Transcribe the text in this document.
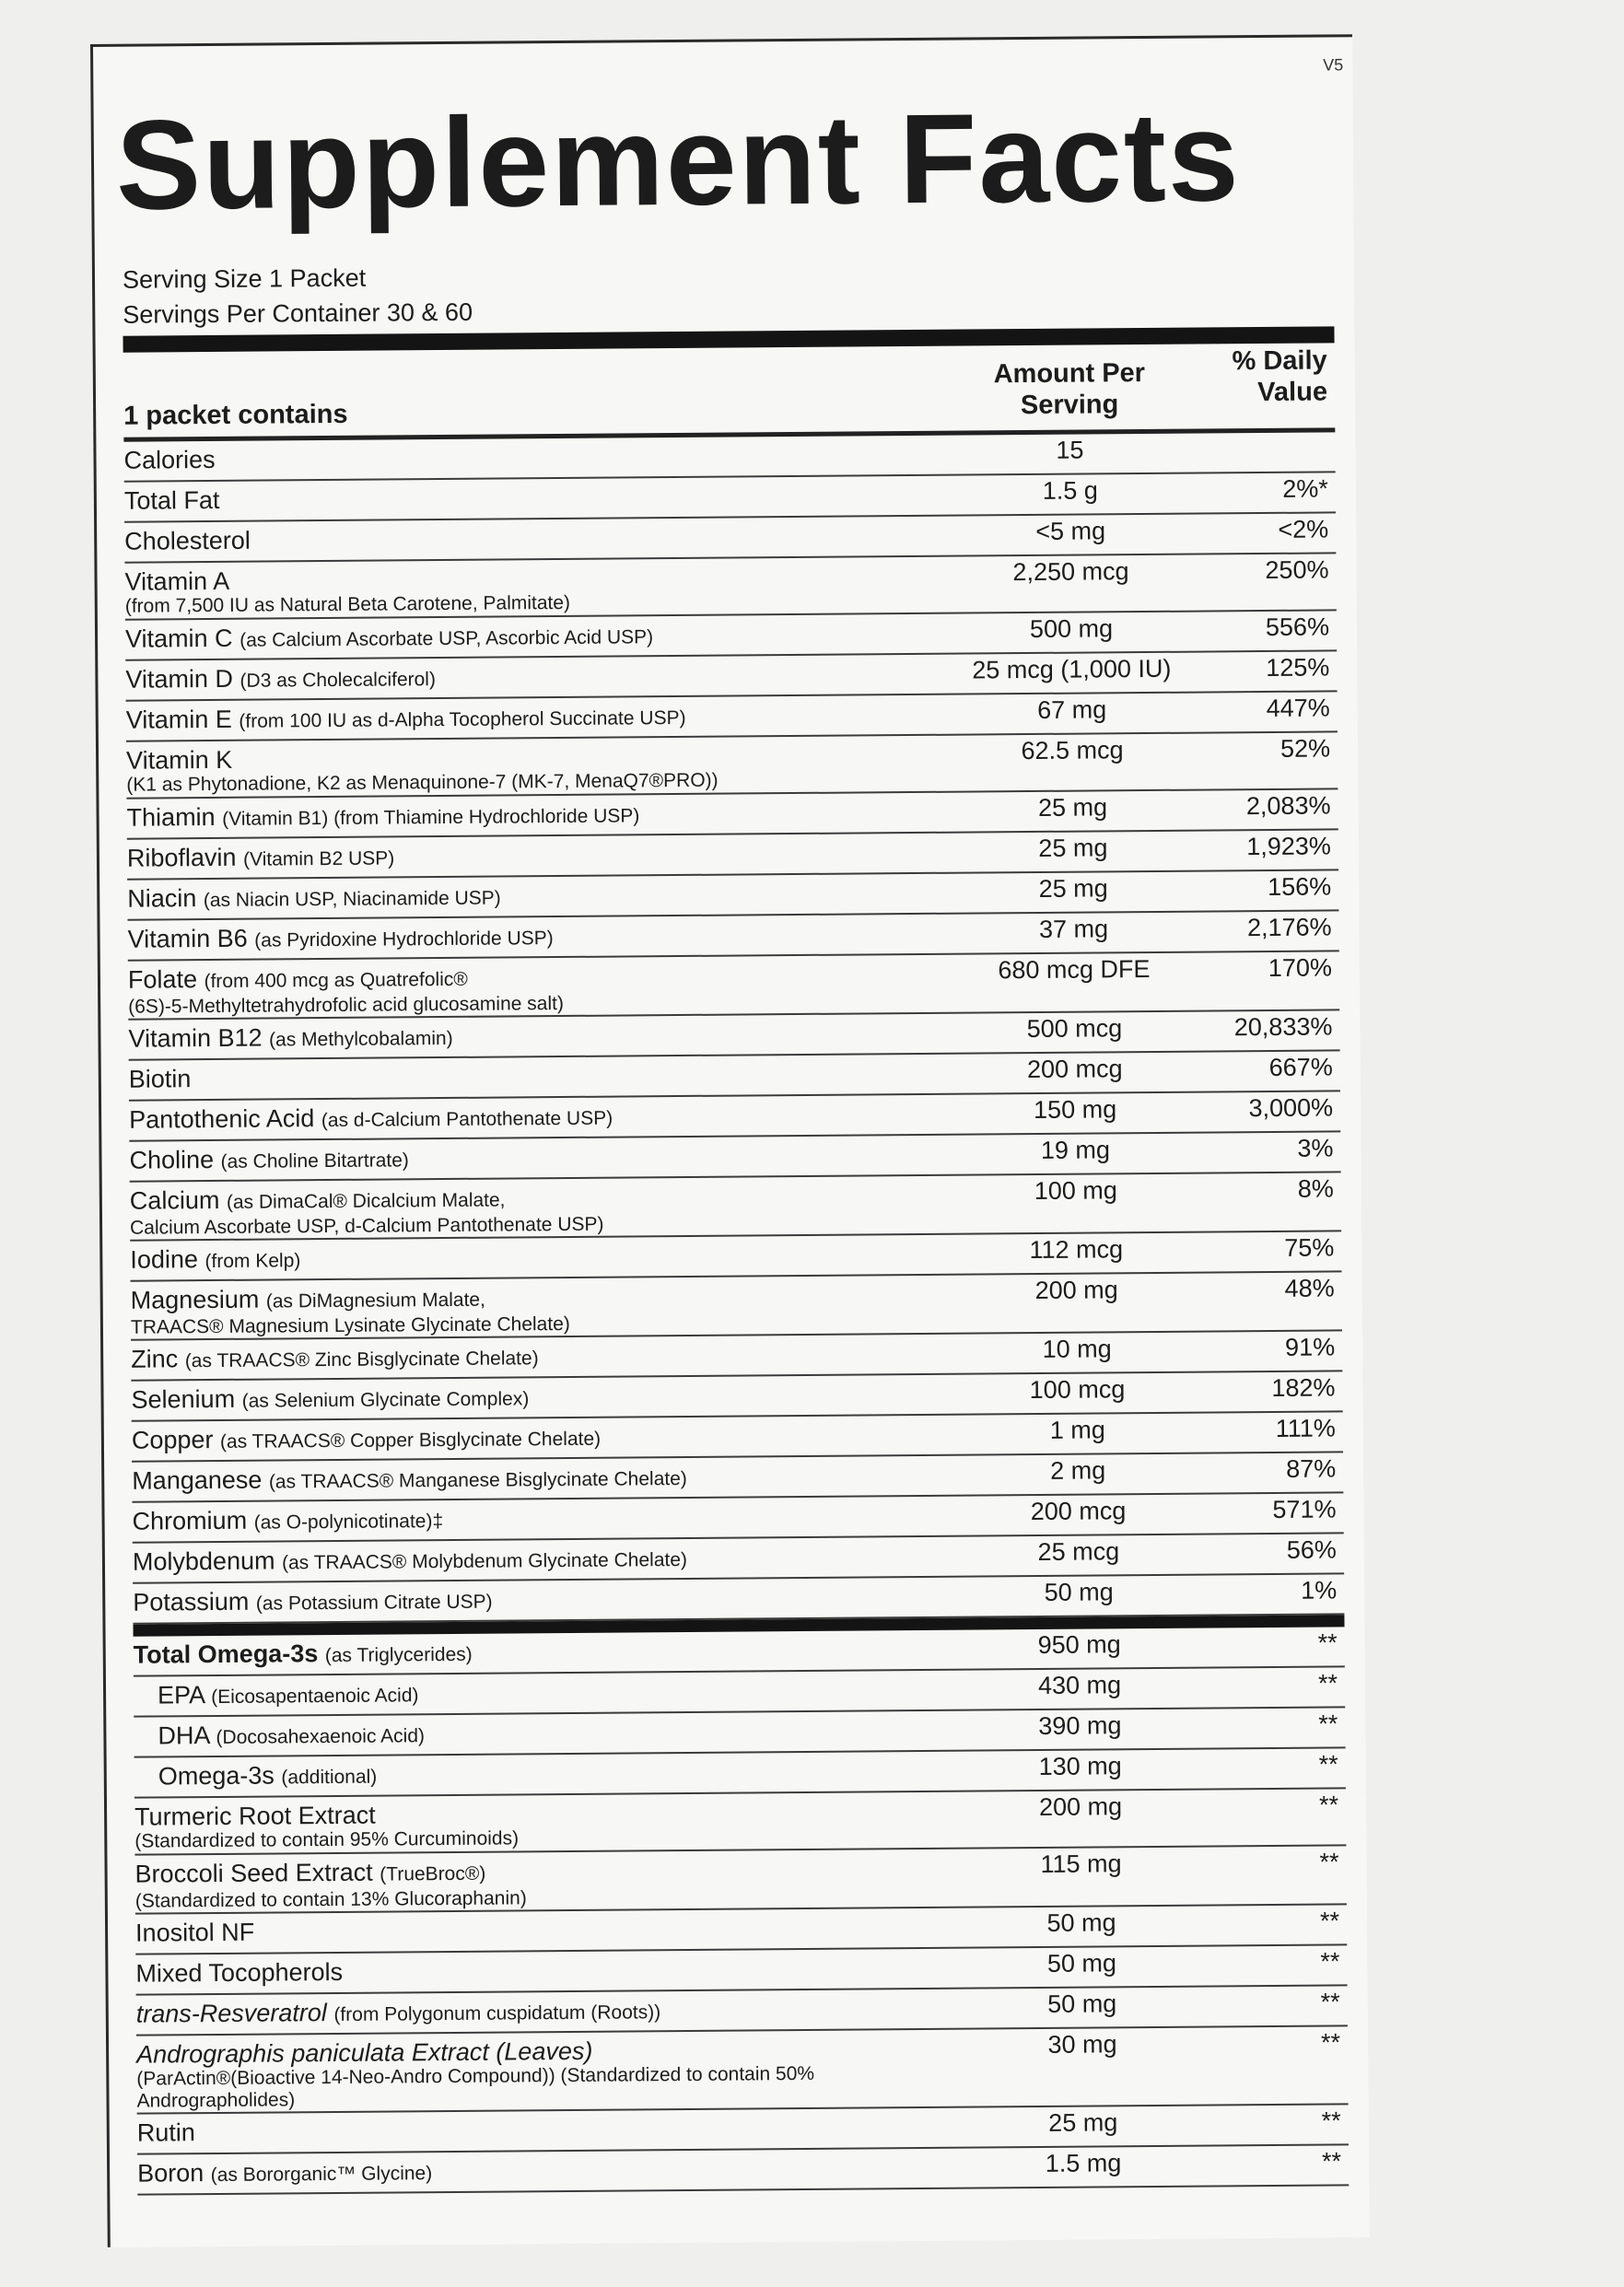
V5
Supplement Facts
Serving Size 1 Packet
Servings Per Container 30 & 60
1 packet contains
Amount Per
Serving
% Daily
Value
Calories	15
Total Fat	1.5 g	2%*
Cholesterol	<5 mg	<2%
Vitamin A
(from 7,500 IU as Natural Beta Carotene, Palmitate)
2,250 mcg	250%
Vitamin C (as Calcium Ascorbate USP, Ascorbic Acid USP)	500 mg	556%
Vitamin D (D3 as Cholecalciferol)	25 mcg (1,000 IU)	125%
Vitamin E (from 100 IU as d-Alpha Tocopherol Succinate USP)	67 mg	447%
Vitamin K
(K1 as Phytonadione, K2 as Menaquinone-7 (MK-7, MenaQ7®PRO))
62.5 mcg	52%
Thiamin (Vitamin B1) (from Thiamine Hydrochloride USP)	25 mg	2,083%
Riboflavin (Vitamin B2 USP)	25 mg	1,923%
Niacin (as Niacin USP, Niacinamide USP)	25 mg	156%
Vitamin B6 (as Pyridoxine Hydrochloride USP)	37 mg	2,176%
Folate (from 400 mcg as Quatrefolic®
(6S)-5-Methyltetrahydrofolic acid glucosamine salt)
680 mcg DFE	170%
Vitamin B12 (as Methylcobalamin)	500 mcg	20,833%
Biotin	200 mcg	667%
Pantothenic Acid (as d-Calcium Pantothenate USP)	150 mg	3,000%
Choline (as Choline Bitartrate)	19 mg	3%
Calcium (as DimaCal® Dicalcium Malate,
Calcium Ascorbate USP, d-Calcium Pantothenate USP)
100 mg	8%
Iodine (from Kelp)	112 mcg	75%
Magnesium (as DiMagnesium Malate,
TRAACS® Magnesium Lysinate Glycinate Chelate)
200 mg	48%
Zinc (as TRAACS® Zinc Bisglycinate Chelate)	10 mg	91%
Selenium (as Selenium Glycinate Complex)	100 mcg	182%
Copper (as TRAACS® Copper Bisglycinate Chelate)	1 mg	111%
Manganese (as TRAACS® Manganese Bisglycinate Chelate)	2 mg	87%
Chromium (as O-polynicotinate)‡	200 mcg	571%
Molybdenum (as TRAACS® Molybdenum Glycinate Chelate)	25 mcg	56%
Potassium (as Potassium Citrate USP)	50 mg	1%
Total Omega-3s (as Triglycerides)	950 mg	**
EPA (Eicosapentaenoic Acid)	430 mg	**
DHA (Docosahexaenoic Acid)	390 mg	**
Omega-3s (additional)	130 mg	**
Turmeric Root Extract
(Standardized to contain 95% Curcuminoids)
200 mg	**
Broccoli Seed Extract (TrueBroc®)
(Standardized to contain 13% Glucoraphanin)
115 mg	**
Inositol NF	50 mg	**
Mixed Tocopherols	50 mg	**
trans-Resveratrol (from Polygonum cuspidatum (Roots))	50 mg	**
Andrographis paniculata Extract (Leaves)
(ParActin®(Bioactive 14-Neo-Andro Compound)) (Standardized to contain 50% Andrographolides)
30 mg	**
Rutin	25 mg	**
Boron (as Bororganic™ Glycine)	1.5 mg	**
